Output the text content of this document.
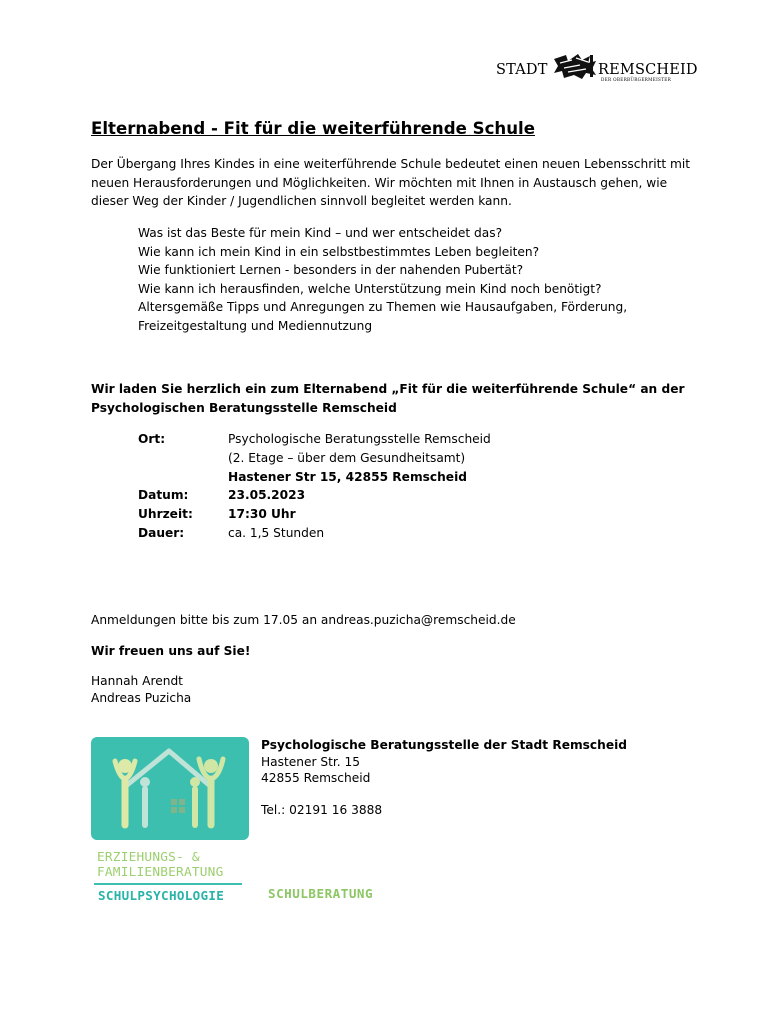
STADT	REMSCHEID
DER OBERBÜRGERMEISTER
Elternabend - Fit für die weiterführende Schule
Der Übergang Ihres Kindes in eine weiterführende Schule bedeutet einen neuen Lebensschritt mit
neuen Herausforderungen und Möglichkeiten. Wir möchten mit Ihnen in Austausch gehen, wie
dieser Weg der Kinder / Jugendlichen sinnvoll begleitet werden kann.
Was ist das Beste für mein Kind – und wer entscheidet das?
Wie kann ich mein Kind in ein selbstbestimmtes Leben begleiten?
Wie funktioniert Lernen - besonders in der nahenden Pubertät?
Wie kann ich herausfinden, welche Unterstützung mein Kind noch benötigt?
Altersgemäße Tipps und Anregungen zu Themen wie Hausaufgaben, Förderung,
Freizeitgestaltung und Mediennutzung
Wir laden Sie herzlich ein zum Elternabend „Fit für die weiterführende Schule“ an der
Psychologischen Beratungsstelle Remscheid
Ort:	Psychologische Beratungsstelle Remscheid
(2. Etage – über dem Gesundheitsamt)
Hastener Str 15, 42855 Remscheid
Datum:	23.05.2023
Uhrzeit:	17:30 Uhr
Dauer:	ca. 1,5 Stunden
Anmeldungen bitte bis zum 17.05 an andreas.puzicha@remscheid.de
Wir freuen uns auf Sie!
Hannah Arendt
Andreas Puzicha
ERZIEHUNGS- &
FAMILIENBERATUNG
SCHULPSYCHOLOGIE	SCHULBERATUNG
Psychologische Beratungsstelle der Stadt Remscheid
Hastener Str. 15
42855 Remscheid
Tel.: 02191 16 3888
